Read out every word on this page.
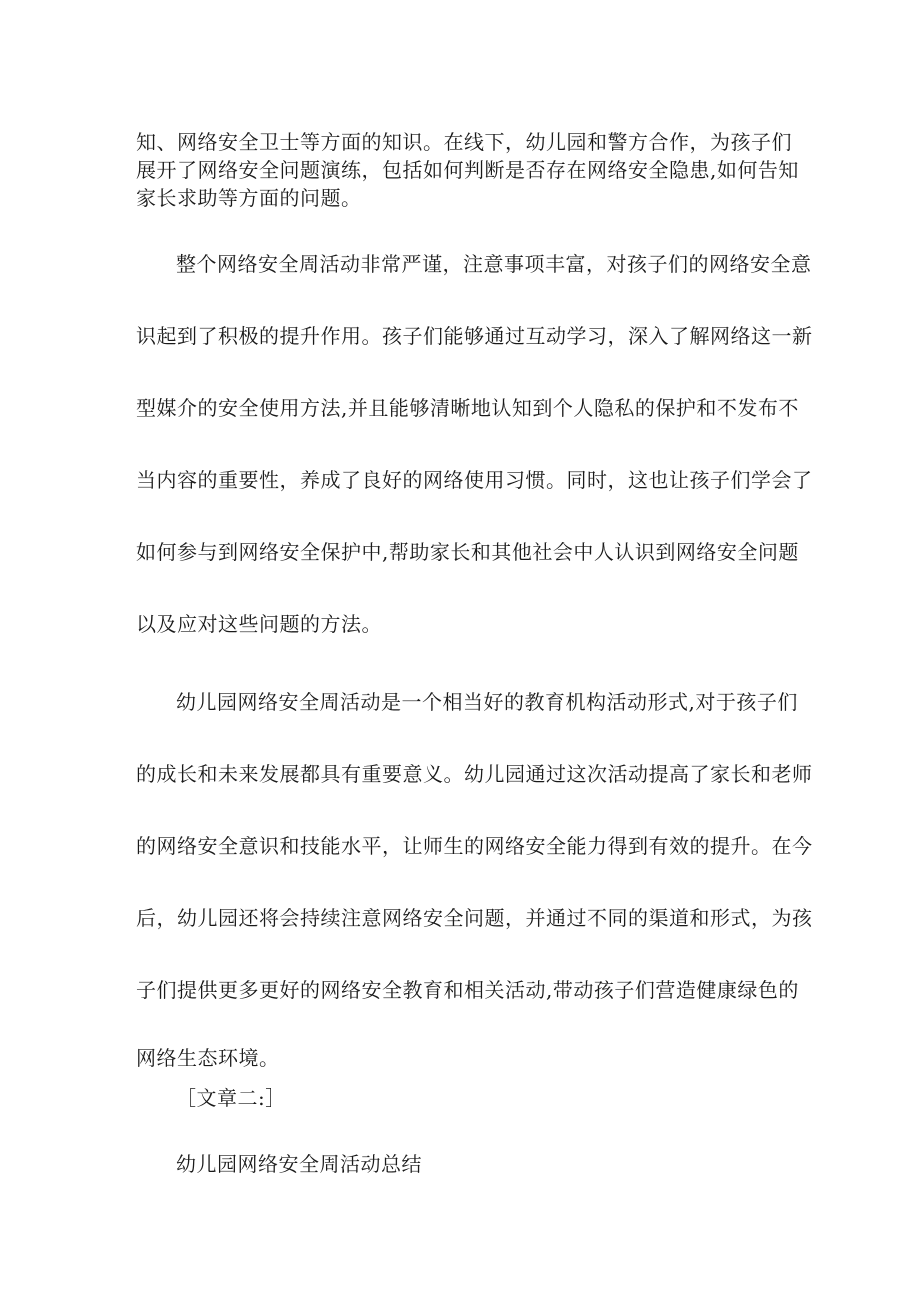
知、网络安全卫士等方面的知识。在线下，幼儿园和警方合作，为孩子们
展开了网络安全问题演练，包括如何判断是否存在网络安全隐患,如何告知
家长求助等方面的问题。
整个网络安全周活动非常严谨，注意事项丰富，对孩子们的网络安全意
识起到了积极的提升作用。孩子们能够通过互动学习，深入了解网络这一新
型媒介的安全使用方法,并且能够清晰地认知到个人隐私的保护和不发布不
当内容的重要性，养成了良好的网络使用习惯。同时，这也让孩子们学会了
如何参与到网络安全保护中,帮助家长和其他社会中人认识到网络安全问题
以及应对这些问题的方法。
幼儿园网络安全周活动是一个相当好的教育机构活动形式,对于孩子们
的成长和未来发展都具有重要意义。幼儿园通过这次活动提高了家长和老师
的网络安全意识和技能水平，让师生的网络安全能力得到有效的提升。在今
后，幼儿园还将会持续注意网络安全问题，并通过不同的渠道和形式，为孩
子们提供更多更好的网络安全教育和相关活动,带动孩子们营造健康绿色的
网络生态环境。
［文章二:］
幼儿园网络安全周活动总结
